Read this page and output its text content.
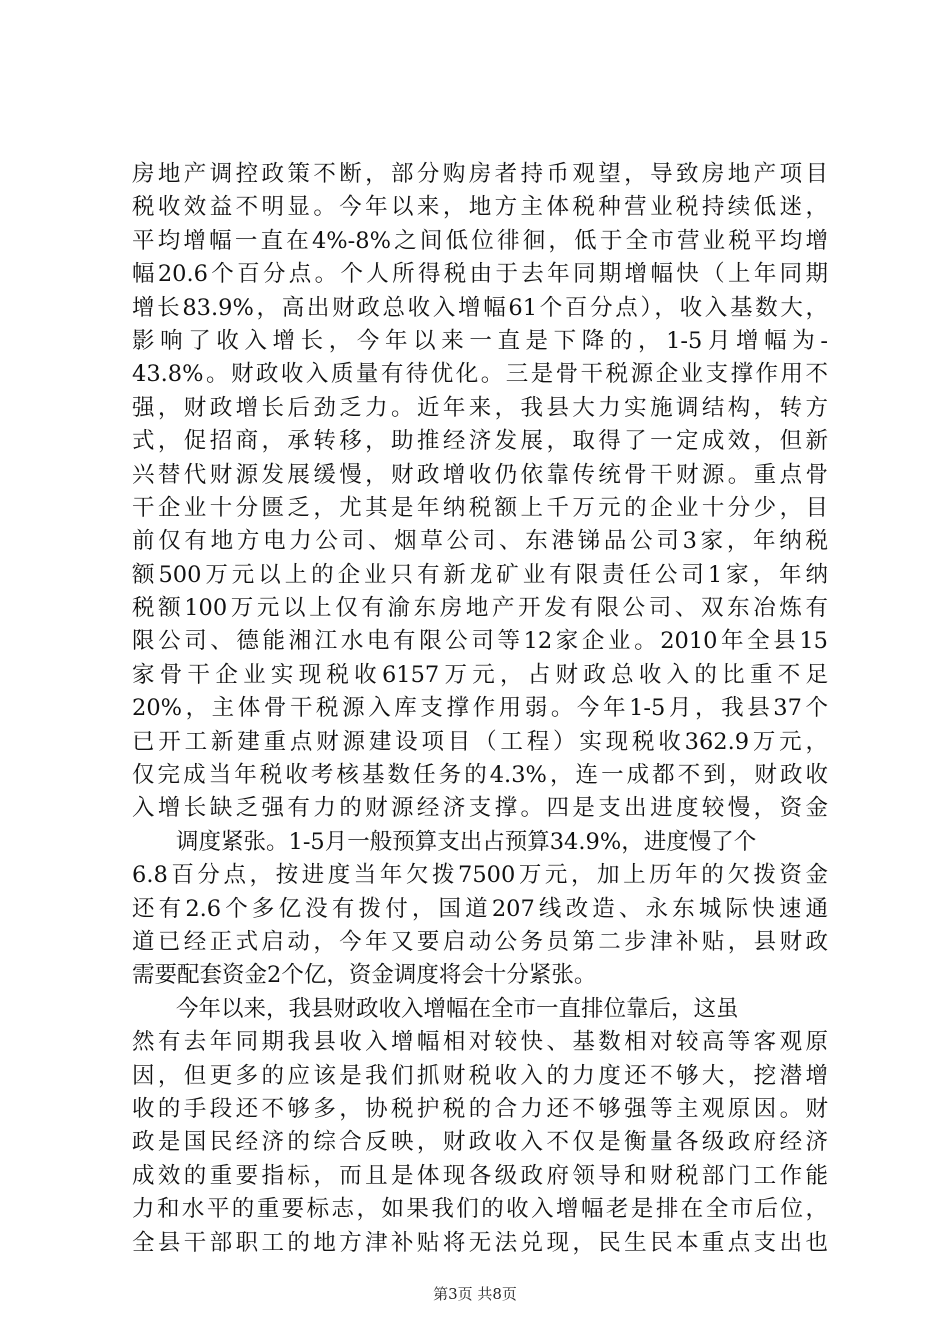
房地产调控政策不断，部分购房者持币观望，导致房地产项目
税收效益不明显。今年以来，地方主体税种营业税持续低迷，
平均增幅一直在4%-8%之间低位徘徊，低于全市营业税平均增
幅20.6个百分点。个人所得税由于去年同期增幅快（上年同期
增长83.9%，高出财政总收入增幅61个百分点），收入基数大，
影响了收入增长，今年以来一直是下降的，1-5月增幅为-
43.8%。财政收入质量有待优化。三是骨干税源企业支撑作用不
强，财政增长后劲乏力。近年来，我县大力实施调结构，转方
式，促招商，承转移，助推经济发展，取得了一定成效，但新
兴替代财源发展缓慢，财政增收仍依靠传统骨干财源。重点骨
干企业十分匮乏，尤其是年纳税额上千万元的企业十分少，目
前仅有地方电力公司、烟草公司、东港锑品公司3家，年纳税
额500万元以上的企业只有新龙矿业有限责任公司1家，年纳
税额100万元以上仅有渝东房地产开发有限公司、双东冶炼有
限公司、德能湘江水电有限公司等12家企业。2010年全县15
家骨干企业实现税收6157万元，占财政总收入的比重不足
20%，主体骨干税源入库支撑作用弱。今年1-5月，我县37个
已开工新建重点财源建设项目（工程）实现税收362.9万元，
仅完成当年税收考核基数任务的4.3%，连一成都不到，财政收
入增长缺乏强有力的财源经济支撑。四是支出进度较慢，资金
调度紧张。1-5月一般预算支出占预算34.9%，进度慢了个
6.8百分点，按进度当年欠拨7500万元，加上历年的欠拨资金
还有2.6个多亿没有拨付，国道207线改造、永东城际快速通
道已经正式启动，今年又要启动公务员第二步津补贴，县财政
需要配套资金2个亿，资金调度将会十分紧张。
今年以来，我县财政收入增幅在全市一直排位靠后，这虽
然有去年同期我县收入增幅相对较快、基数相对较高等客观原
因，但更多的应该是我们抓财税收入的力度还不够大，挖潜增
收的手段还不够多，协税护税的合力还不够强等主观原因。财
政是国民经济的综合反映，财政收入不仅是衡量各级政府经济
成效的重要指标，而且是体现各级政府领导和财税部门工作能
力和水平的重要标志，如果我们的收入增幅老是排在全市后位，
全县干部职工的地方津补贴将无法兑现，民生民本重点支出也
第3页 共8页
